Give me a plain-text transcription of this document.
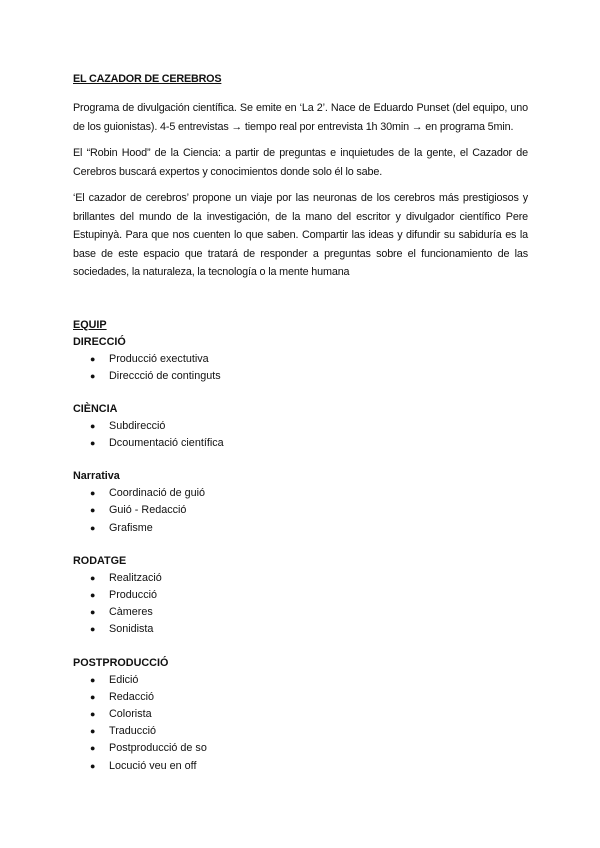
EL CAZADOR DE CEREBROS

Programa de divulgación científica. Se emite en ‘La 2’. Nace de Eduardo Punset (del equipo, uno de los guionistas). 4-5 entrevistas → tiempo real por entrevista 1h 30min → en programa 5min.

El “Robin Hood” de la Ciencia: a partir de preguntas e inquietudes de la gente, el Cazador de Cerebros buscará expertos y conocimientos donde solo él lo sabe.

‘El cazador de cerebros’ propone un viaje por las neuronas de los cerebros más prestigiosos y brillantes del mundo de la investigación, de la mano del escritor y divulgador científico Pere Estupinyà. Para que nos cuenten lo que saben. Compartir las ideas y difundir su sabiduría es la base de este espacio que tratará de responder a preguntas sobre el funcionamiento de las sociedades, la naturaleza, la tecnología o la mente humana

EQUIP
DIRECCIÓ
● Producció exectutiva
● Direccció de continguts
CIÈNCIA
● Subdirecció
● Dcoumentació científica
Narrativa
● Coordinació de guió
● Guió - Redacció
● Grafisme
RODATGE
● Realització
● Producció
● Càmeres
● Sonidista
POSTPRODUCCIÓ
● Edició
● Redacció
● Colorista
● Traducció
● Postproducció de so
● Locució veu en off
